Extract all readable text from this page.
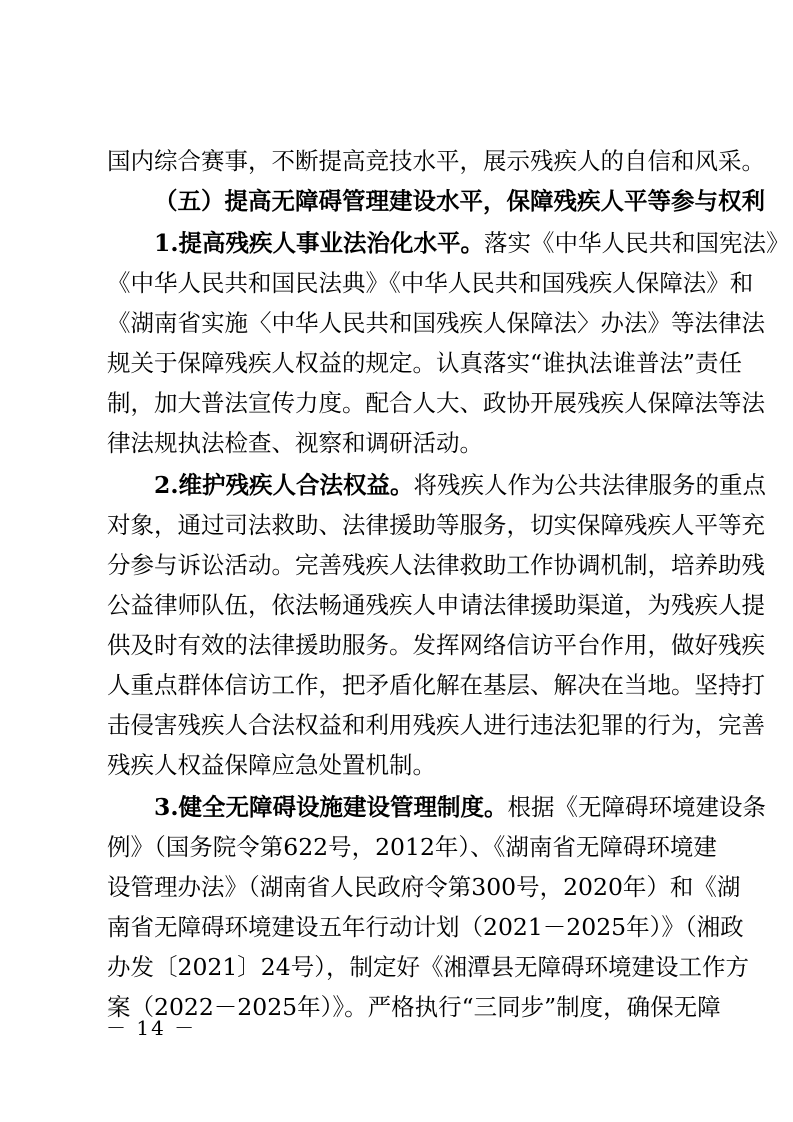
国内综合赛事，不断提高竞技水平，展示残疾人的自信和风采。
（五）提高无障碍管理建设水平，保障残疾人平等参与权利
1.提高残疾人事业法治化水平。落实《中华人民共和国宪法》
《中华人民共和国民法典》《中华人民共和国残疾人保障法》和
《湖南省实施〈中华人民共和国残疾人保障法〉办法》等法律法
规关于保障残疾人权益的规定。认真落实“谁执法谁普法”责任
制，加大普法宣传力度。配合人大、政协开展残疾人保障法等法
律法规执法检查、视察和调研活动。
2.维护残疾人合法权益。将残疾人作为公共法律服务的重点
对象，通过司法救助、法律援助等服务，切实保障残疾人平等充
分参与诉讼活动。完善残疾人法律救助工作协调机制，培养助残
公益律师队伍，依法畅通残疾人申请法律援助渠道，为残疾人提
供及时有效的法律援助服务。发挥网络信访平台作用，做好残疾
人重点群体信访工作，把矛盾化解在基层、解决在当地。坚持打
击侵害残疾人合法权益和利用残疾人进行违法犯罪的行为，完善
残疾人权益保障应急处置机制。
3.健全无障碍设施建设管理制度。根据《无障碍环境建设条
例》（国务院令第622号，2012年）、《湖南省无障碍环境建
设管理办法》（湖南省人民政府令第300号，2020年）和《湖
南省无障碍环境建设五年行动计划（2021－2025年）》（湘政
办发〔2021〕24号），制定好《湘潭县无障碍环境建设工作方
案（2022－2025年）》。严格执行“三同步”制度，确保无障
－ 14 －
